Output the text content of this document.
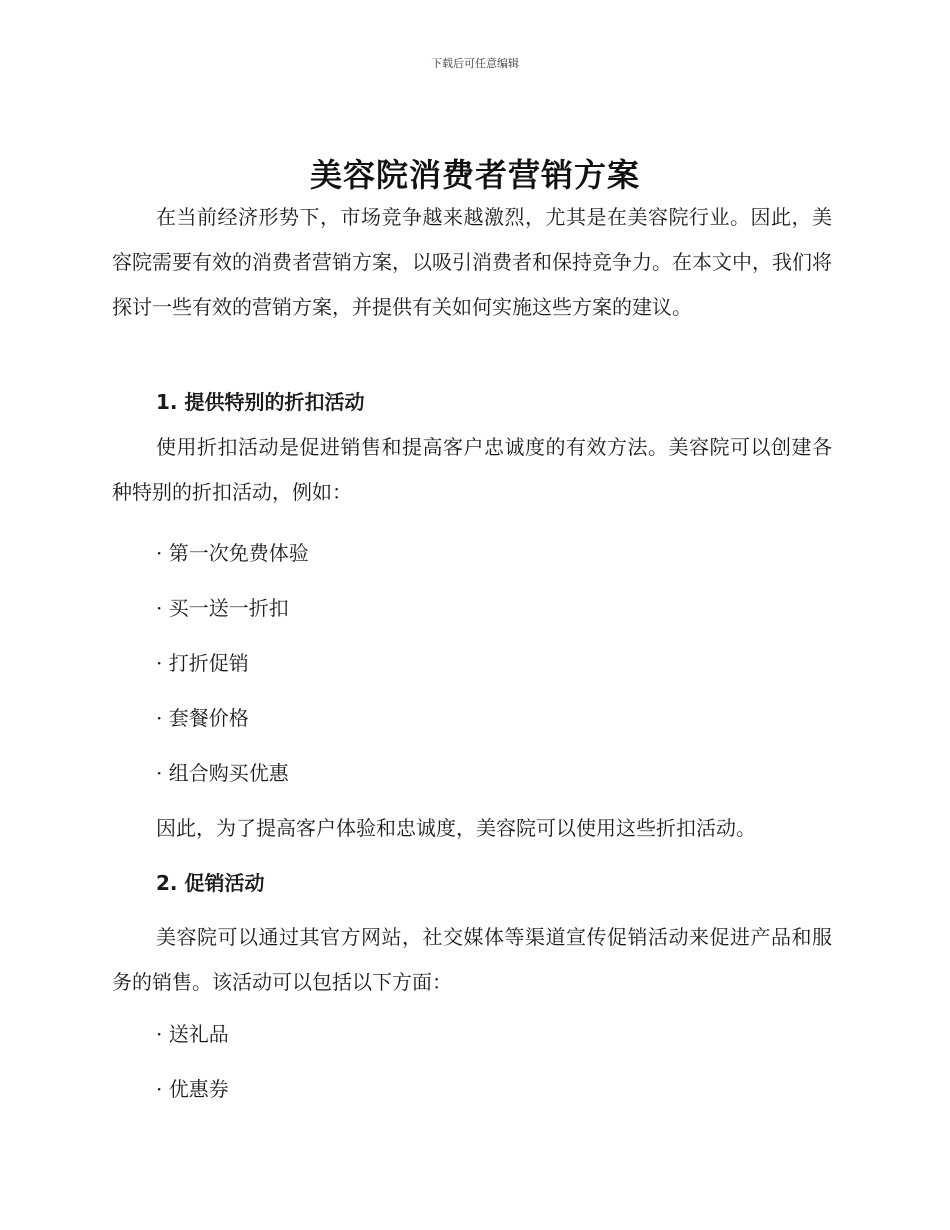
下载后可任意编辑
美容院消费者营销方案
在当前经济形势下，市场竞争越来越激烈，尤其是在美容院行业。因此，美容院需要有效的消费者营销方案，以吸引消费者和保持竞争力。在本文中，我们将探讨一些有效的营销方案，并提供有关如何实施这些方案的建议。
1. 提供特别的折扣活动
使用折扣活动是促进销售和提高客户忠诚度的有效方法。美容院可以创建各种特别的折扣活动，例如：
· 第一次免费体验
· 买一送一折扣
· 打折促销
· 套餐价格
· 组合购买优惠
因此，为了提高客户体验和忠诚度，美容院可以使用这些折扣活动。
2. 促销活动
美容院可以通过其官方网站，社交媒体等渠道宣传促销活动来促进产品和服务的销售。该活动可以包括以下方面：
· 送礼品
· 优惠券
